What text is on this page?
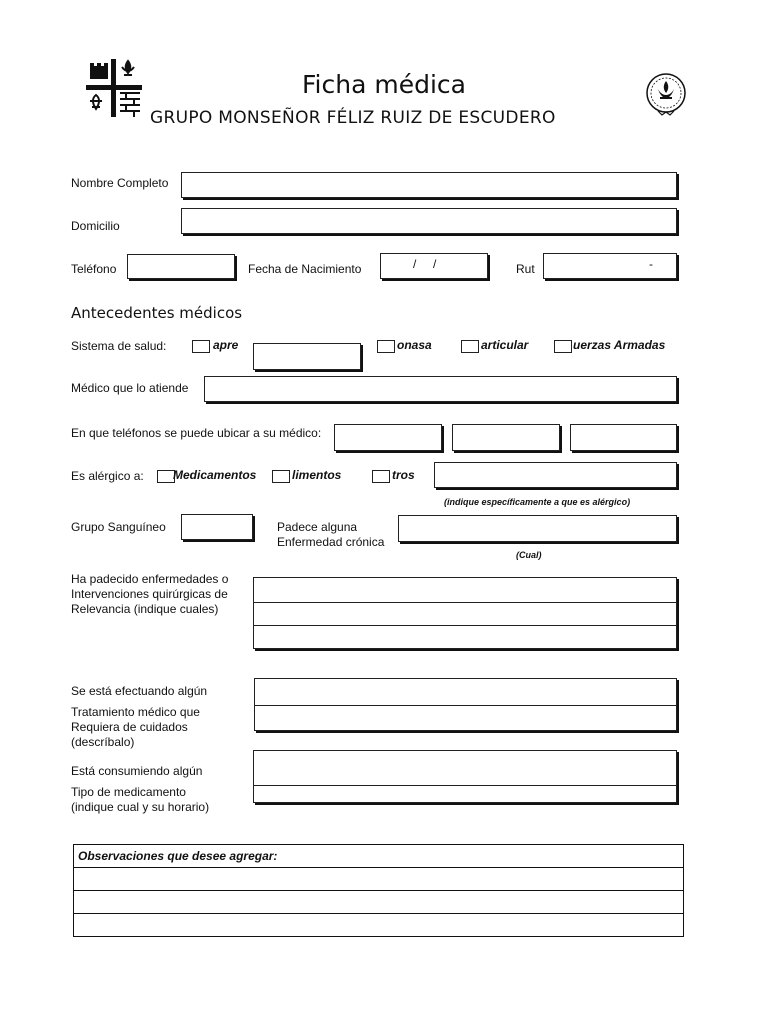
Ficha médica
GRUPO MONSEÑOR FÉLIZ RUIZ DE ESCUDERO
Nombre Completo
Domicilio
Teléfono	Fecha de Nacimiento	/     /	Rut	-
Antecedentes médicos
Sistema de salud:	apre	onasa	articular	uerzas Armadas
Médico que lo atiende
En que teléfonos se puede ubicar a su médico:
Es alérgico a: Medicamentos	limentos	tros
(indique específicamente a que es alérgico)
Grupo Sanguíneo	Padece alguna
Enfermedad crónica
(Cual)
Ha padecido enfermedades o
Intervenciones quirúrgicas de
Relevancia (indique cuales)
Se está efectuando algún
Tratamiento médico que
Requiera de cuidados
(descríbalo)
Está consumiendo algún
Tipo de medicamento
(indique cual y su horario)
Observaciones que desee agregar:
